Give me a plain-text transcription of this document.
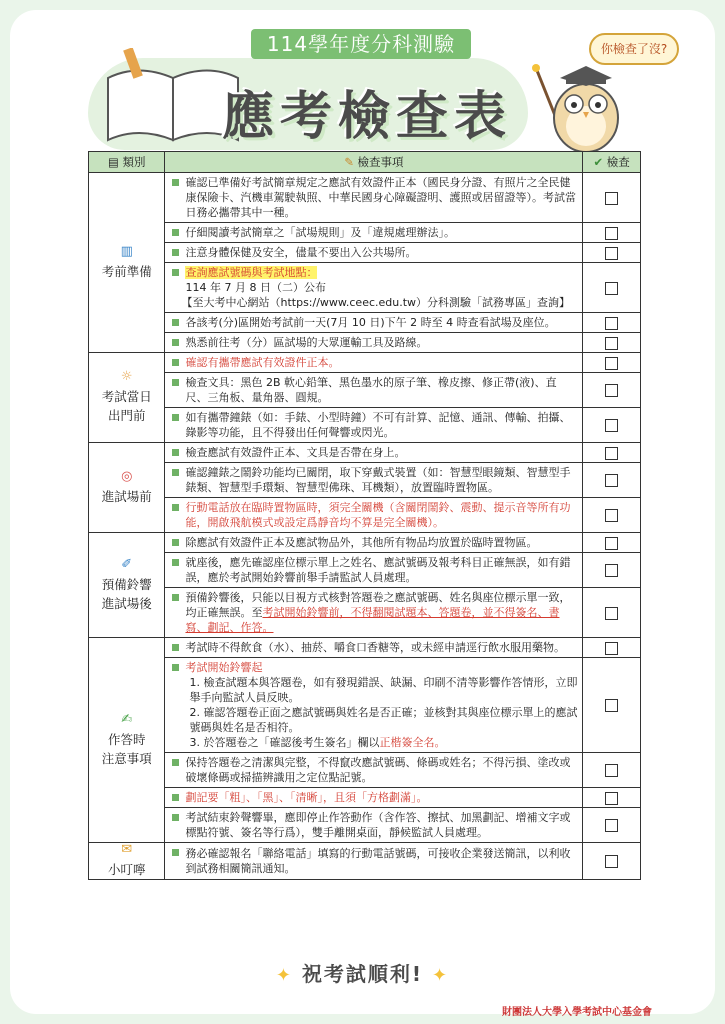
114學年度分科測驗
應考檢查表
你檢查了沒?
▤ 類別	✎ 檢查事項	✔ 檢查

▥
考前準備	確認已準備好考試簡章規定之應試有效證件正本（國民身分證、有照片之全民健康保險卡、汽機車駕駛執照、中華民國身心障礙證明、護照或居留證等）。考試當日務必攜帶其中一種。	
	仔細閱讀考試簡章之「試場規則」及「違規處理辦法」。	
	注意身體保健及安全，儘量不要出入公共場所。	
	查詢應試號碼與考試地點：
114 年 7 月 8 日（二）公布
【至大考中心網站（https://www.ceec.edu.tw）分科測驗「試務專區」查詢】	
	各該考(分)區開始考試前一天(7月 10 日)下午 2 時至 4 時查看試場及座位。	
	熟悉前往考（分）區試場的大眾運輸工具及路線。	

☼
考試當日
出門前	確認有攜帶應試有效證件正本。	
	檢查文具：黑色 2B 軟心鉛筆、黑色墨水的原子筆、橡皮擦、修正帶(液)、直尺、三角板、量角器、圓規。	
	如有攜帶鐘錶（如：手錶、小型時鐘）不可有計算、記憶、通訊、傳輸、拍攝、錄影等功能，且不得發出任何聲響或閃光。	

◎
進試場前	檢查應試有效證件正本、文具是否帶在身上。	
	確認鐘錶之鬧鈴功能均已關閉，取下穿戴式裝置（如：智慧型眼鏡類、智慧型手錶類、智慧型手環類、智慧型佛珠、耳機類），放置臨時置物區。	
	行動電話放在臨時置物區時，須完全關機（含關閉鬧鈴、震動、提示音等所有功能，開啟飛航模式或設定爲靜音均不算是完全關機）。	

✐
預備鈴響
進試場後	除應試有效證件正本及應試物品外，其他所有物品均放置於臨時置物區。	
	就座後，應先確認座位標示單上之姓名、應試號碼及報考科目正確無誤，如有錯誤，應於考試開始鈴響前舉手請監試人員處理。	
	預備鈴響後，只能以目視方式核對答題卷之應試號碼、姓名與座位標示單一致，均正確無誤。至考試開始鈴響前，不得翻閱試題本、答題卷，並不得簽名、書寫、劃記、作答。	

✍
作答時
注意事項	考試時不得飲食（水）、抽菸、嚼食口香糖等，或未經申請逕行飲水服用藥物。	
	考試開始鈴響起
1. 檢查試題本與答題卷，如有發現錯誤、缺漏、印刷不清等影響作答情形，立即舉手向監試人員反映。
2. 確認答題卷正面之應試號碼與姓名是否正確；並核對其與座位標示單上的應試號碼與姓名是否相符。
3. 於答題卷之「確認後考生簽名」欄以正楷簽全名。	

	保持答題卷之清潔與完整，不得竄改應試號碼、條碼或姓名；不得污損、塗改或破壞條碼或掃描辨識用之定位點記號。	
	劃記要「粗」、「黑」、「清晰」，且須「方格劃滿」。	
	考試結束鈴聲響畢，應即停止作答動作（含作答、擦拭、加黑劃記、增補文字或標點符號、簽名等行爲），雙手離開桌面，靜候監試人員處理。	

✉
小叮嚀	務必確認報名「聯絡電話」填寫的行動電話號碼，可接收企業發送簡訊，以利收到試務相關簡訊通知。	
✦ 祝考試順利! ✦
財團法人大學入學考試中心基金會
